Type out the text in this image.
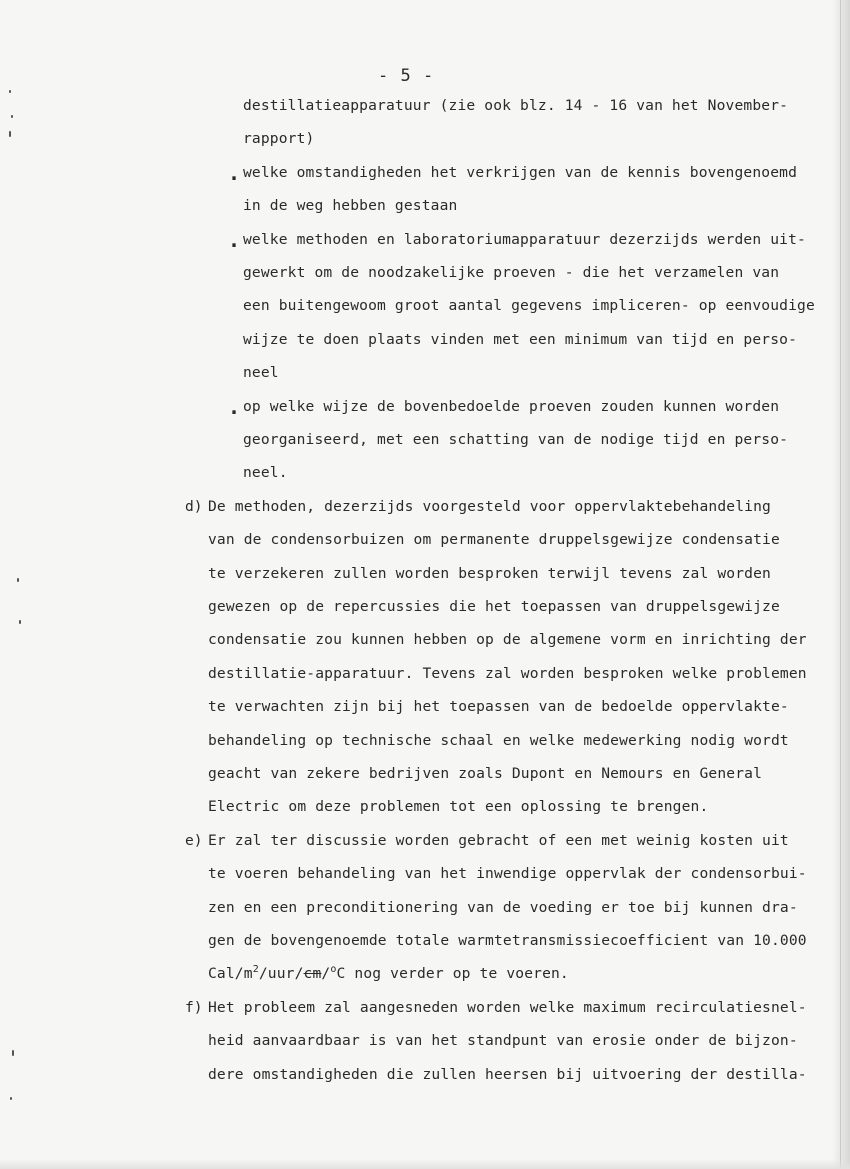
- 5 -
destillatieapparatuur (zie ook blz. 14 - 16 van het November-
rapport)
. welke omstandigheden het verkrijgen van de kennis bovengenoemd
in de weg hebben gestaan
. welke methoden en laboratoriumapparatuur dezerzijds werden uit-
gewerkt om de noodzakelijke proeven - die het verzamelen van
een buitengewoom groot aantal gegevens impliceren- op eenvoudige
wijze te doen plaats vinden met een minimum van tijd en perso-
neel
. op welke wijze de bovenbedoelde proeven zouden kunnen worden
georganiseerd, met een schatting van de nodige tijd en perso-
neel.
d) De methoden, dezerzijds voorgesteld voor oppervlaktebehandeling
van de condensorbuizen om permanente druppelsgewijze condensatie
te verzekeren zullen worden besproken terwijl tevens zal worden
gewezen op de repercussies die het toepassen van druppelsgewijze
condensatie zou kunnen hebben op de algemene vorm en inrichting der
destillatie-apparatuur. Tevens zal worden besproken welke problemen
te verwachten zijn bij het toepassen van de bedoelde oppervlakte-
behandeling op technische schaal en welke medewerking nodig wordt
geacht van zekere bedrijven zoals Dupont en Nemours en General
Electric om deze problemen tot een oplossing te brengen.
e) Er zal ter discussie worden gebracht of een met weinig kosten uit
te voeren behandeling van het inwendige oppervlak der condensorbui-
zen en een preconditionering van de voeding er toe bij kunnen dra-
gen de bovengenoemde totale warmtetransmissiecoefficient van 10.000
Cal/$m^2/uur/cm/^oC$ nog verder op te voeren.
f) Het probleem zal aangesneden worden welke maximum recirculatiesnel-
heid aanvaardbaar is van het standpunt van erosie onder de bijzon-
dere omstandigheden die zullen heersen bij uitvoering der destilla-
